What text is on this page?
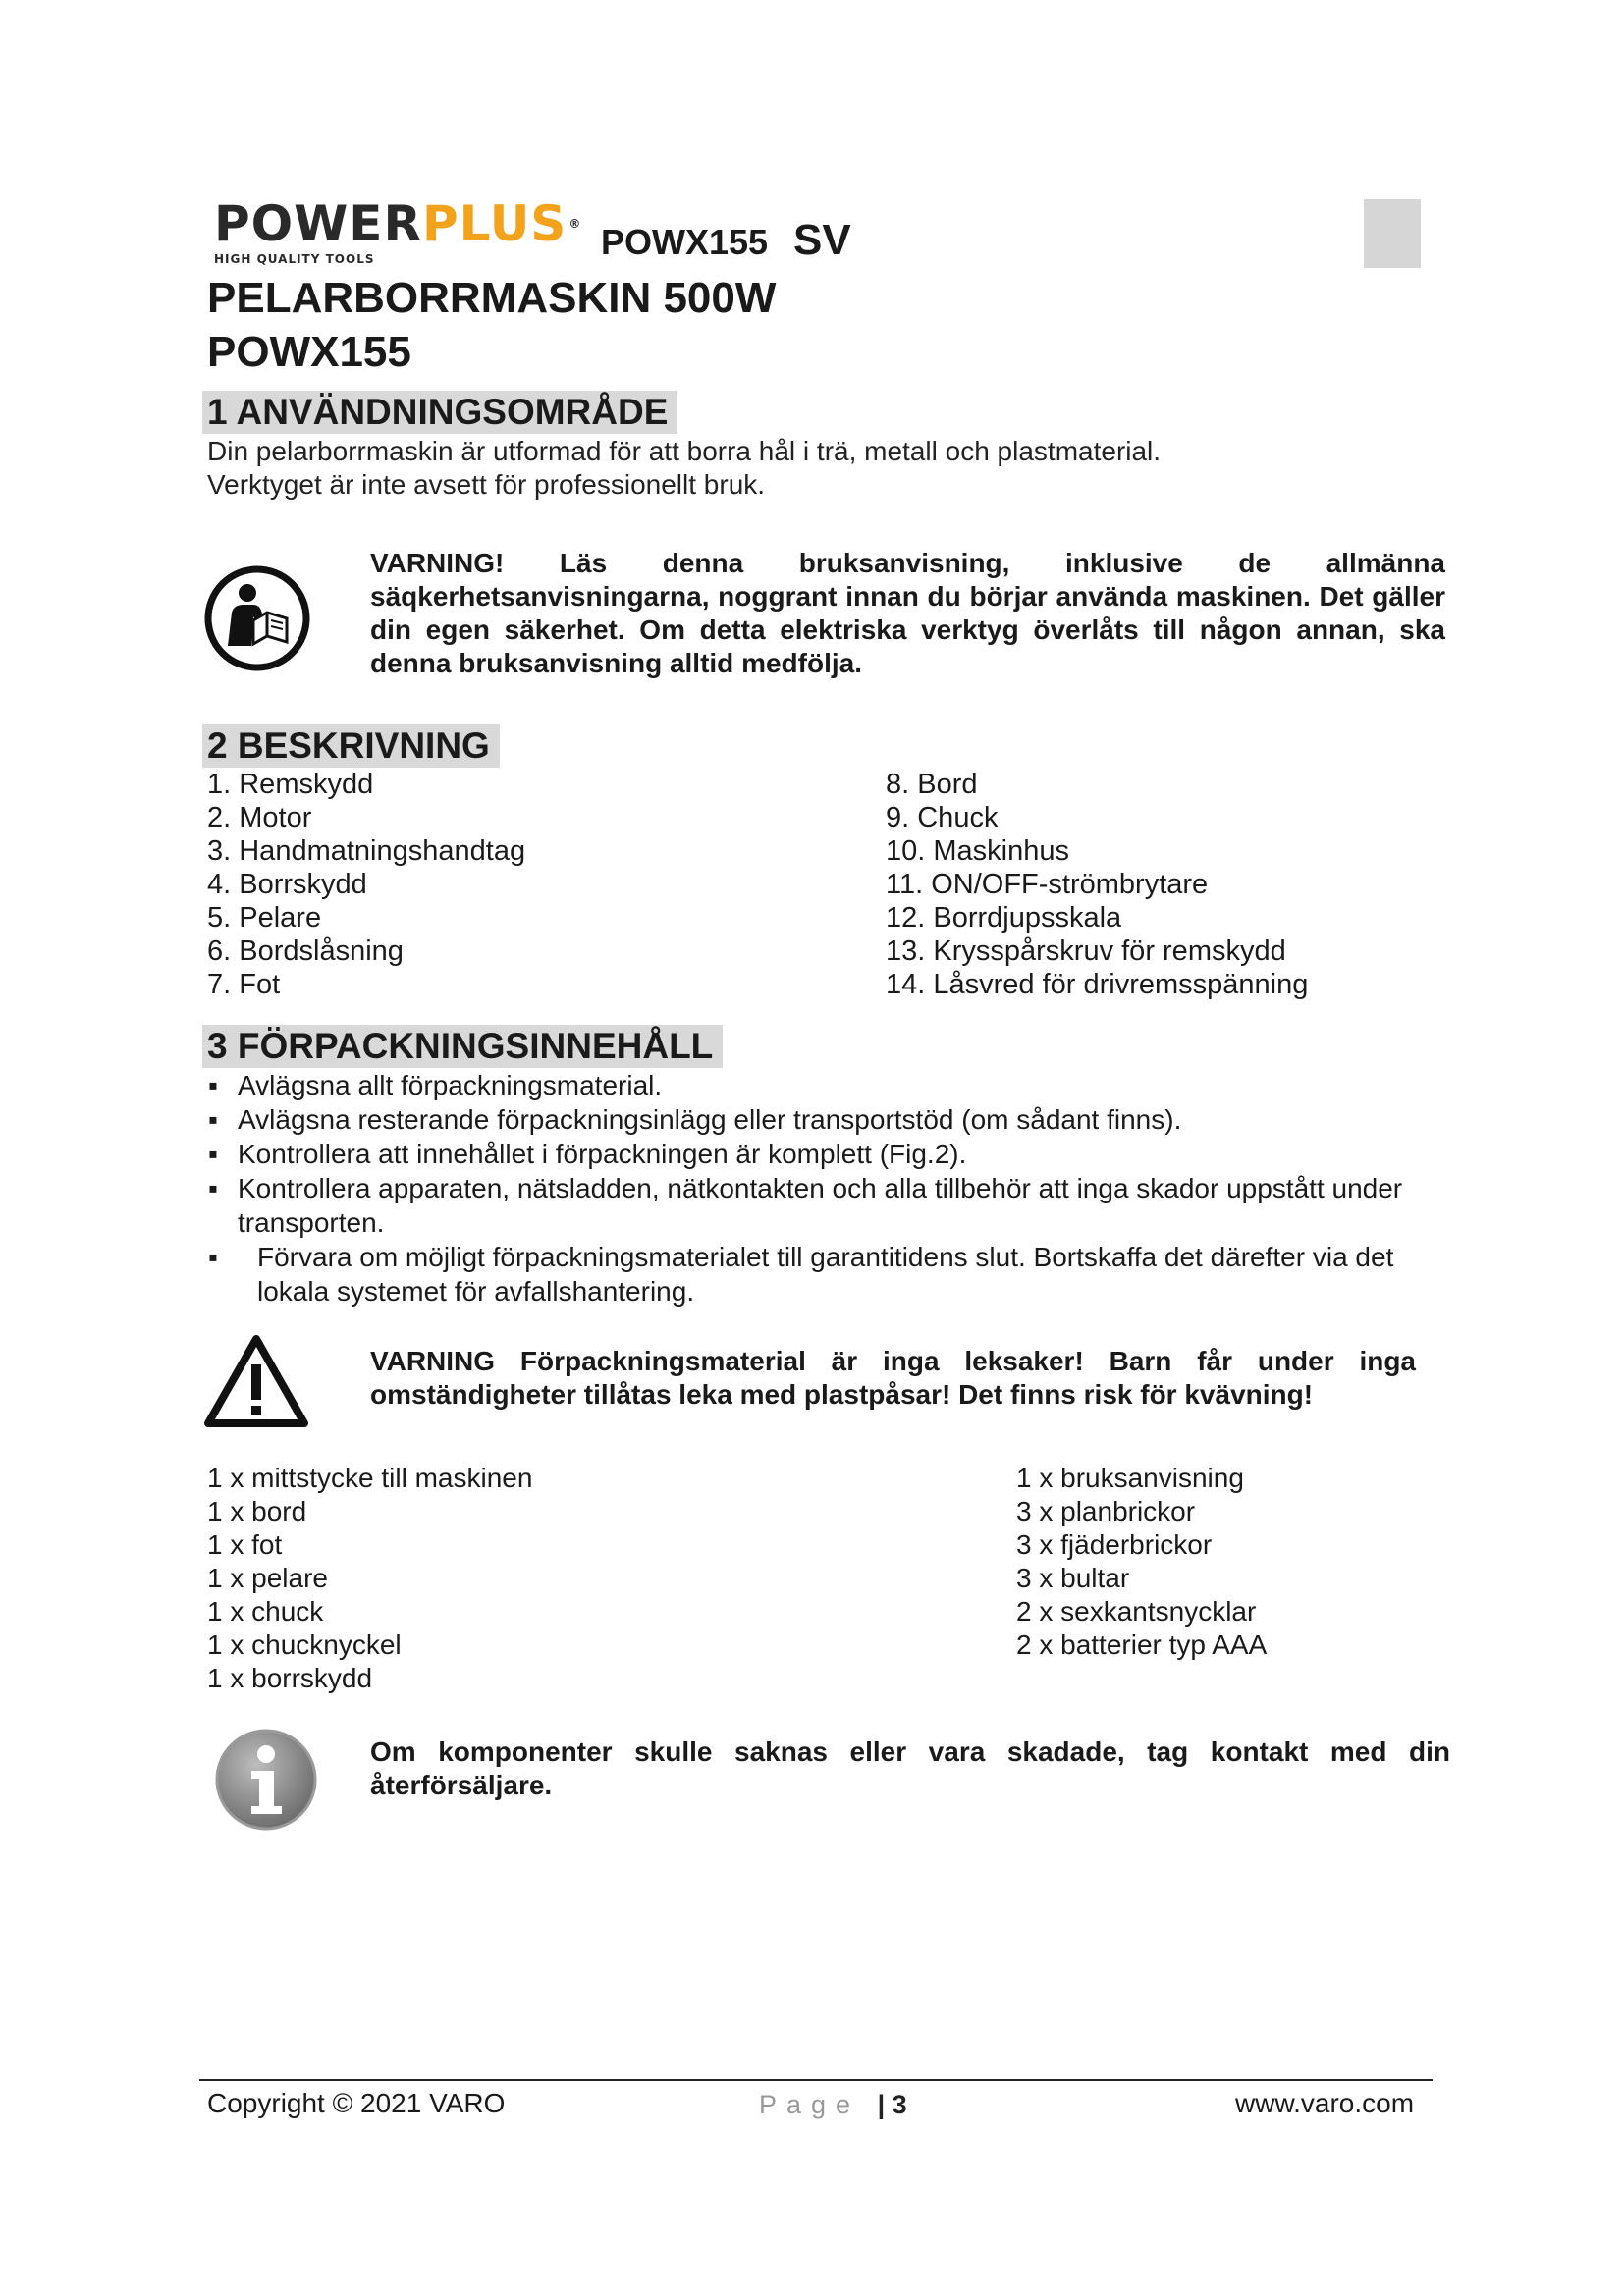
POWERPLUS ®
HIGH QUALITY TOOLS	POWX155 SV
PELARBORRMASKIN 500W
POWX155
1 ANVÄNDNINGSOMRÅDE
Din pelarborrmaskin är utformad för att borra hål i trä, metall och plastmaterial.
Verktyget är inte avsett för professionellt bruk.
VARNING! Läs denna bruksanvisning, inklusive de allmänna säqkerhetsanvisningarna, noggrant innan du börjar använda maskinen. Det gäller din egen säkerhet. Om detta elektriska verktyg överlåts till någon annan, ska denna bruksanvisning alltid medfölja.
2 BESKRIVNING
1. Remskydd
2. Motor
3. Handmatningshandtag
4. Borrskydd
5. Pelare
6. Bordslåsning
7. Fot
8. Bord
9. Chuck
10. Maskinhus
11. ON/OFF-strömbrytare
12. Borrdjupsskala
13. Krysspårskruv för remskydd
14. Låsvred för drivremsspänning
3 FÖRPACKNINGSINNEHÅLL
▪ Avlägsna allt förpackningsmaterial.
▪ Avlägsna resterande förpackningsinlägg eller transportstöd (om sådant finns).
▪ Kontrollera att innehållet i förpackningen är komplett (Fig.2).
▪ Kontrollera apparaten, nätsladden, nätkontakten och alla tillbehör att inga skador uppstått under transporten.
▪ Förvara om möjligt förpackningsmaterialet till garantitidens slut. Bortskaffa det därefter via det lokala systemet för avfallshantering.
VARNING Förpackningsmaterial är inga leksaker! Barn får under inga omständigheter tillåtas leka med plastpåsar! Det finns risk för kvävning!
1 x mittstycke till maskinen
1 x bord
1 x fot
1 x pelare
1 x chuck
1 x chucknyckel
1 x borrskydd
1 x bruksanvisning
3 x planbrickor
3 x fjäderbrickor
3 x bultar
2 x sexkantsnycklar
2 x batterier typ AAA
Om komponenter skulle saknas eller vara skadade, tag kontakt med din återförsäljare.
Copyright © 2021 VARO	Page | 3	www.varo.com
